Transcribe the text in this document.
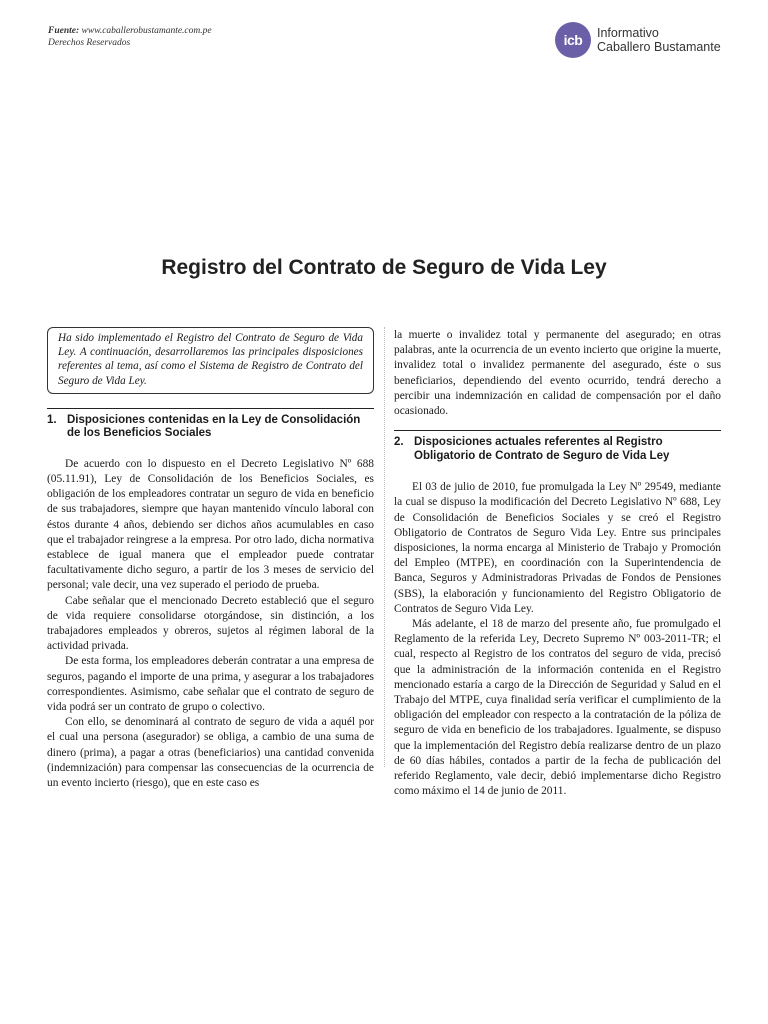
Fuente: www.caballerobustamante.com.pe
Derechos Reservados	icb	Informativo
Caballero Bustamante
Registro del Contrato de Seguro de Vida Ley
Ha sido implementado el Registro del Contrato de Seguro de Vida Ley. A continuación, desarrollaremos las principales disposiciones referentes al tema, así como el Sistema de Registro de Contrato del Seguro de Vida Ley.
1. Disposiciones contenidas en la Ley de Consolidación de los Beneficios Sociales

De acuerdo con lo dispuesto en el Decreto Legislativo Nº 688 (05.11.91), Ley de Consolidación de los Beneficios Sociales, es obligación de los empleadores contratar un seguro de vida en beneficio de sus trabajadores, siempre que hayan mantenido vínculo laboral con éstos durante 4 años, debiendo ser dichos años acumulables en caso que el trabajador reingrese a la empresa. Por otro lado, dicha normativa establece de igual manera que el empleador puede contratar facultativamente dicho seguro, a partir de los 3 meses de servicio del personal; vale decir, una vez superado el periodo de prueba.

Cabe señalar que el mencionado Decreto estableció que el seguro de vida requiere consolidarse otorgándose, sin distinción, a los trabajadores empleados y obreros, sujetos al régimen laboral de la actividad privada.

De esta forma, los empleadores deberán contratar a una empresa de seguros, pagando el importe de una prima, y asegurar a los trabajadores correspondientes. Asimismo, cabe señalar que el contrato de seguro de vida podrá ser un contrato de grupo o colectivo.

Con ello, se denominará al contrato de seguro de vida a aquél por el cual una persona (asegurador) se obliga, a cambio de una suma de dinero (prima), a pagar a otras (beneficiarios) una cantidad convenida (indemnización) para compensar las consecuencias de la ocurrencia de un evento incierto (riesgo), que en este caso es

la muerte o invalidez total y permanente del asegurado; en otras palabras, ante la ocurrencia de un evento incierto que origine la muerte, invalidez total o invalidez permanente del asegurado, éste o sus beneficiarios, dependiendo del evento ocurrido, tendrá derecho a percibir una indemnización en calidad de compensación por el daño ocasionado.

2. Disposiciones actuales referentes al Registro Obligatorio de Contrato de Seguro de Vida Ley

El 03 de julio de 2010, fue promulgada la Ley Nº 29549, mediante la cual se dispuso la modificación del Decreto Legislativo Nº 688, Ley de Consolidación de Beneficios Sociales y se creó el Registro Obligatorio de Contratos de Seguro Vida Ley. Entre sus principales disposiciones, la norma encarga al Ministerio de Trabajo y Promoción del Empleo (MTPE), en coordinación con la Superintendencia de Banca, Seguros y Administradoras Privadas de Fondos de Pensiones (SBS), la elaboración y funcionamiento del Registro Obligatorio de Contratos de Seguro Vida Ley.

Más adelante, el 18 de marzo del presente año, fue promulgado el Reglamento de la referida Ley, Decreto Supremo Nº 003-2011-TR; el cual, respecto al Registro de los contratos del seguro de vida, precisó que la administración de la información contenida en el Registro mencionado estaría a cargo de la Dirección de Seguridad y Salud en el Trabajo del MTPE, cuya finalidad sería verificar el cumplimiento de la obligación del empleador con respecto a la contratación de la póliza de seguro de vida en beneficio de los trabajadores. Igualmente, se dispuso que la implementación del Registro debía realizarse dentro de un plazo de 60 días hábiles, contados a partir de la fecha de publicación del referido Reglamento, vale decir, debió implementarse dicho Registro como máximo el 14 de junio de 2011.
